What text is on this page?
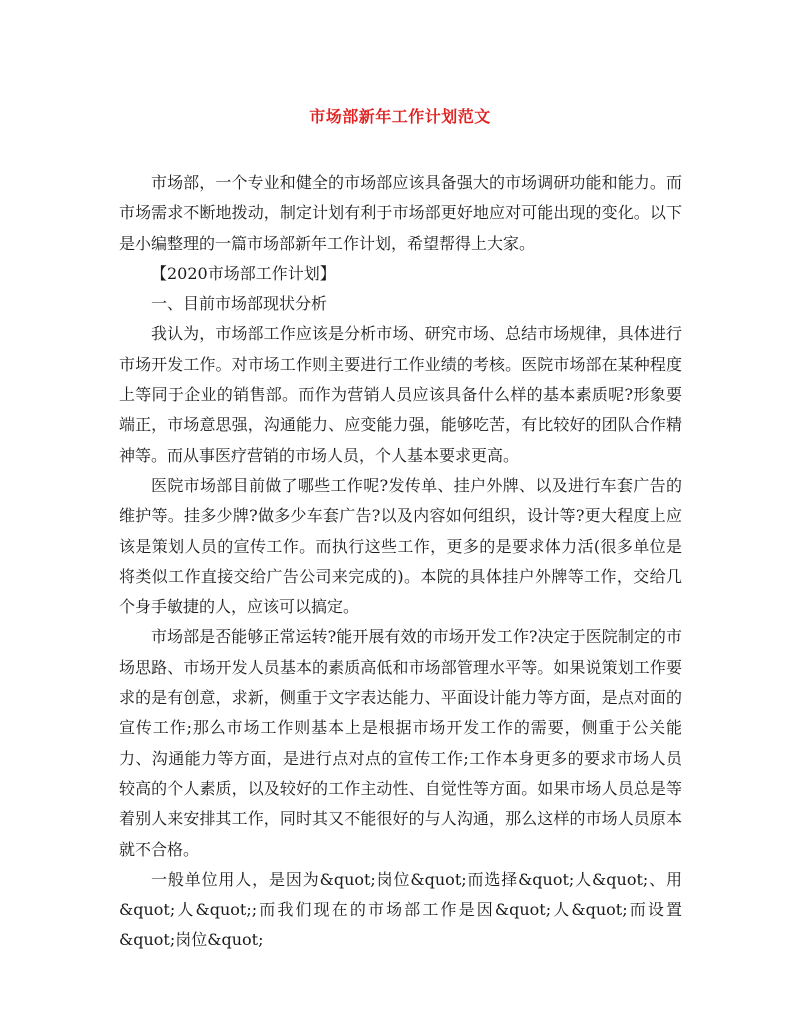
市场部新年工作计划范文

市场部，一个专业和健全的市场部应该具备强大的市场调研功能和能力。而市场需求不断地拨动，制定计划有利于市场部更好地应对可能出现的变化。以下是小编整理的一篇市场部新年工作计划，希望帮得上大家。

【2020市场部工作计划】

一、目前市场部现状分析

我认为，市场部工作应该是分析市场、研究市场、总结市场规律，具体进行市场开发工作。对市场工作则主要进行工作业绩的考核。医院市场部在某种程度上等同于企业的销售部。而作为营销人员应该具备什么样的基本素质呢?形象要端正，市场意思强，沟通能力、应变能力强，能够吃苦，有比较好的团队合作精神等。而从事医疗营销的市场人员，个人基本要求更高。

医院市场部目前做了哪些工作呢?发传单、挂户外牌、以及进行车套广告的维护等。挂多少牌?做多少车套广告?以及内容如何组织，设计等?更大程度上应该是策划人员的宣传工作。而执行这些工作，更多的是要求体力活(很多单位是将类似工作直接交给广告公司来完成的)。本院的具体挂户外牌等工作，交给几个身手敏捷的人，应该可以搞定。

市场部是否能够正常运转?能开展有效的市场开发工作?决定于医院制定的市场思路、市场开发人员基本的素质高低和市场部管理水平等。如果说策划工作要求的是有创意，求新，侧重于文字表达能力、平面设计能力等方面，是点对面的宣传工作;那么市场工作则基本上是根据市场开发工作的需要，侧重于公关能力、沟通能力等方面，是进行点对点的宣传工作;工作本身更多的要求市场人员较高的个人素质，以及较好的工作主动性、自觉性等方面。如果市场人员总是等着别人来安排其工作，同时其又不能很好的与人沟通，那么这样的市场人员原本就不合格。

一般单位用人，是因为&quot;岗位&quot;而选择&quot;人&quot;、用&quot;人&quot;;而我们现在的市场部工作是因&quot;人&quot;而设置&quot;岗位&quot;
